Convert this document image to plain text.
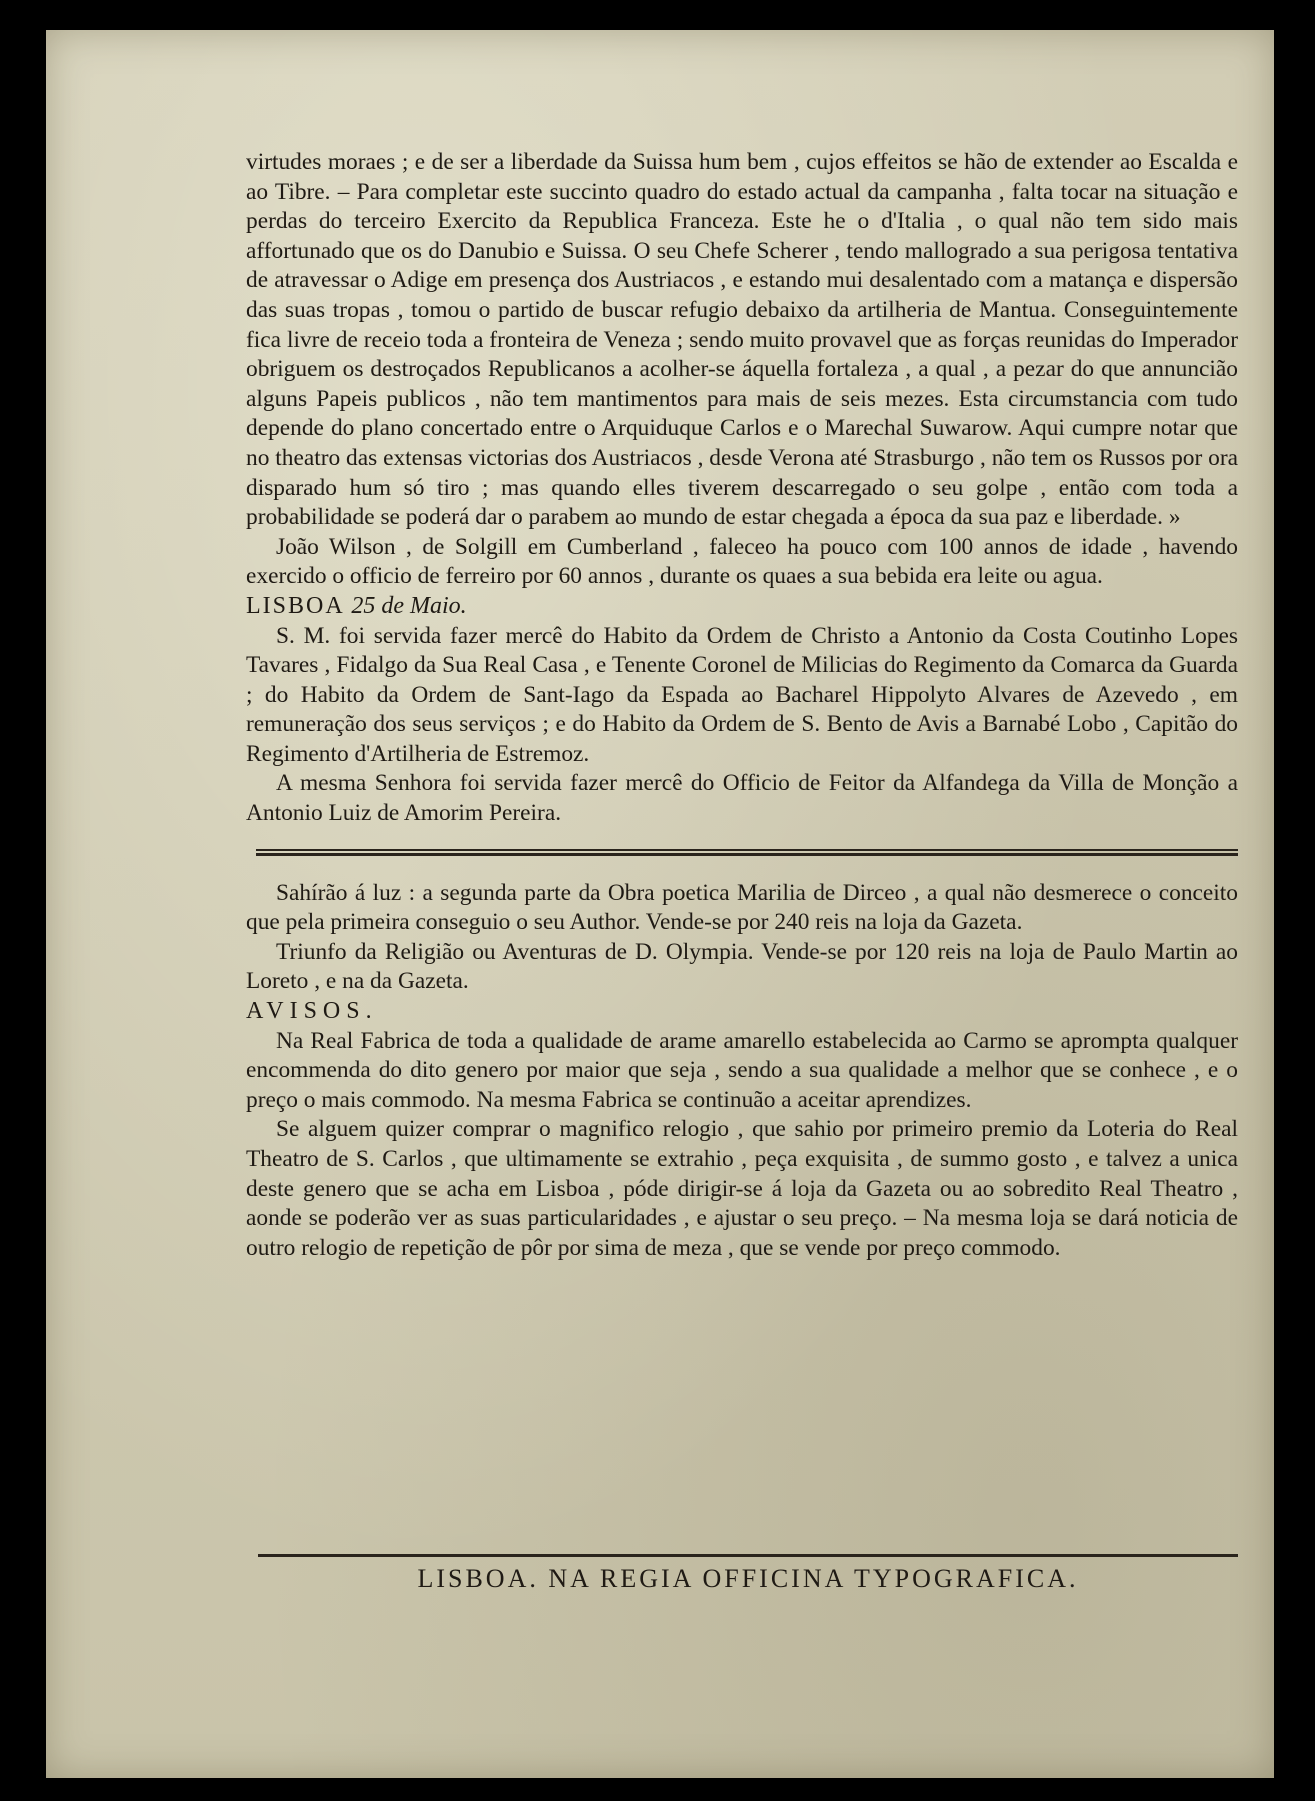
virtudes moraes ; e de ser a liberdade da Suissa hum bem , cujos effeitos se hão de extender ao Escalda e ao Tibre. – Para completar este succinto quadro do estado actual da campanha , falta tocar na situação e perdas do terceiro Exercito da Republica Franceza. Este he o d'Italia , o qual não tem sido mais affortunado que os do Danubio e Suissa. O seu Chefe Scherer , tendo mallogrado a sua perigosa tentativa de atravessar o Adige em presença dos Austriacos , e estando mui desalentado com a matança e dispersão das suas tropas , tomou o partido de buscar refugio debaixo da artilheria de Mantua. Conseguintemente fica livre de receio toda a fronteira de Veneza ; sendo muito provavel que as forças reunidas do Imperador obriguem os destroçados Republicanos a acolher-se áquella fortaleza , a qual , a pezar do que annuncião alguns Papeis publicos , não tem mantimentos para mais de seis mezes. Esta circumstancia com tudo depende do plano concertado entre o Arquiduque Carlos e o Marechal Suwarow. Aqui cumpre notar que no theatro das extensas victorias dos Austriacos , desde Verona até Strasburgo , não tem os Russos por ora disparado hum só tiro ; mas quando elles tiverem descarregado o seu golpe , então com toda a probabilidade se poderá dar o parabem ao mundo de estar chegada a época da sua paz e liberdade. »

João Wilson , de Solgill em Cumberland , faleceo ha pouco com 100 annos de idade , havendo exercido o officio de ferreiro por 60 annos , durante os quaes a sua bebida era leite ou agua.

LISBOA 25 de Maio.

S. M. foi servida fazer mercê do Habito da Ordem de Christo a Antonio da Costa Coutinho Lopes Tavares , Fidalgo da Sua Real Casa , e Tenente Coronel de Milicias do Regimento da Comarca da Guarda ; do Habito da Ordem de Sant-Iago da Espada ao Bacharel Hippolyto Alvares de Azevedo , em remuneração dos seus serviços ; e do Habito da Ordem de S. Bento de Avis a Barnabé Lobo , Capitão do Regimento d'Artilheria de Estremoz.

A mesma Senhora foi servida fazer mercê do Officio de Feitor da Alfandega da Villa de Monção a Antonio Luiz de Amorim Pereira.

Sahírão á luz : a segunda parte da Obra poetica Marilia de Dirceo , a qual não desmerece o conceito que pela primeira conseguio o seu Author. Vende-se por 240 reis na loja da Gazeta.

Triunfo da Religião ou Aventuras de D. Olympia. Vende-se por 120 reis na loja de Paulo Martin ao Loreto , e na da Gazeta.

AVISOS.

Na Real Fabrica de toda a qualidade de arame amarello estabelecida ao Carmo se apromptа qualquer encommenda do dito genero por maior que seja , sendo a sua qualidade a melhor que se conhece , e o preço o mais commodo. Na mesma Fabrica se continuão a aceitar aprendizes.

Se alguem quizer comprar o magnifico relogio , que sahio por primeiro premio da Loteria do Real Theatro de S. Carlos , que ultimamente se extrahio , peça exquisita , de summo gosto , e talvez a unica deste genero que se acha em Lisboa , póde dirigir-se á loja da Gazeta ou ao sobredito Real Theatro , aonde se poderão ver as suas particularidades , e ajustar o seu preço. – Na mesma loja se dará noticia de outro relogio de repetição de pôr por sima de meza , que se vende por preço commodo.

LISBOA. NA REGIA OFFICINA TYPOGRAFICA.
